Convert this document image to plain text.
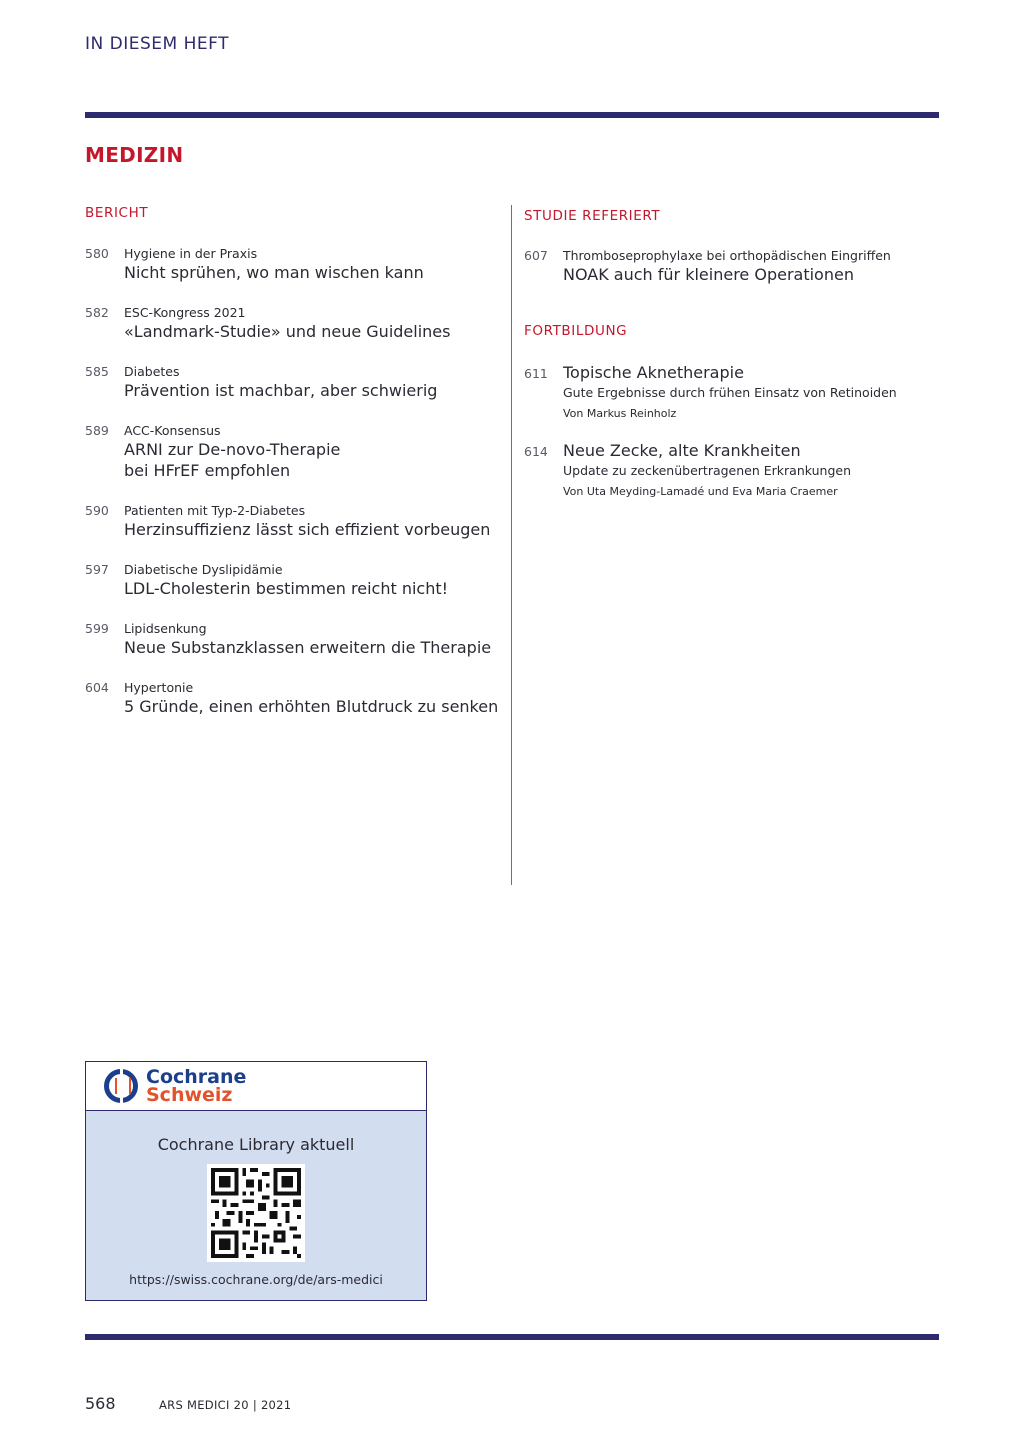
IN DIESEM HEFT
MEDIZIN
BERICHT
580	Hygiene in der Praxis
Nicht sprühen, wo man wischen kann
582	ESC-Kongress 2021
«Landmark-Studie» und neue Guidelines
585	Diabetes
Prävention ist machbar, aber schwierig
589	ACC-Konsensus
ARNI zur De-novo-Therapie
bei HFrEF empfohlen
590	Patienten mit Typ-2-Diabetes
Herzinsuffizienz lässt sich effizient vorbeugen
597	Diabetische Dyslipidämie
LDL-Cholesterin bestimmen reicht nicht!
599	Lipidsenkung
Neue Substanzklassen erweitern die Therapie
604	Hypertonie
5 Gründe, einen erhöhten Blutdruck zu senken
STUDIE REFERIERT
607	Thromboseprophylaxe bei orthopädischen Eingriffen
NOAK auch für kleinere Operationen
FORTBILDUNG
611 Topische Aknetherapie
Gute Ergebnisse durch frühen Einsatz von Retinoiden
Von Markus Reinholz
614 Neue Zecke, alte Krankheiten
Update zu zeckenübertragenen Erkrankungen
Von Uta Meyding-Lamadé und Eva Maria Craemer
Cochrane
Schweiz
Cochrane Library aktuell
https://swiss.cochrane.org/de/ars-medici
568	ARS MEDICI 20 | 2021
